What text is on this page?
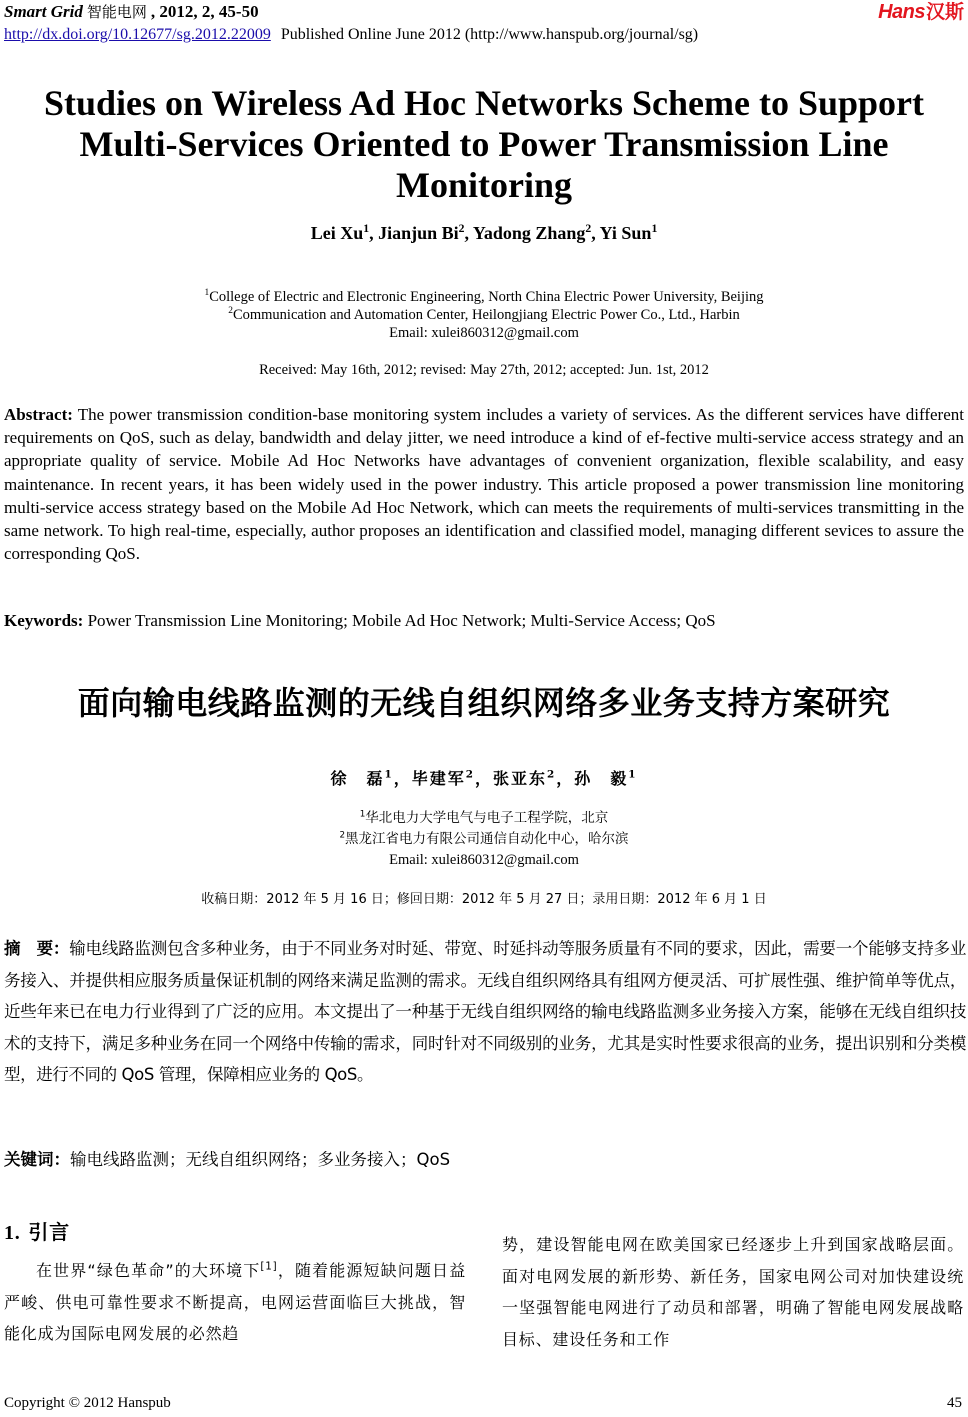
Smart Grid 智能电网 , 2012, 2, 45-50
http://dx.doi.org/10.12677/sg.2012.22009 Published Online June 2012 (http://www.hanspub.org/journal/sg)
Hans汉斯
Studies on Wireless Ad Hoc Networks Scheme to Support Multi-Services Oriented to Power Transmission Line Monitoring
Lei Xu$^1$, Jianjun Bi$^2$, Yadong Zhang$^2$, Yi Sun$^1$
$^1$College of Electric and Electronic Engineering, North China Electric Power University, Beijing
$^2$Communication and Automation Center, Heilongjiang Electric Power Co., Ltd., Harbin
Email: xulei860312@gmail.com
Received: May 16th, 2012; revised: May 27th, 2012; accepted: Jun. 1st, 2012
Abstract: The power transmission condition-base monitoring system includes a variety of services. As the different services have different requirements on QoS, such as delay, bandwidth and delay jitter, we need introduce a kind of ef-fective multi-service access strategy and an appropriate quality of service. Mobile Ad Hoc Networks have advantages of convenient organization, flexible scalability, and easy maintenance. In recent years, it has been widely used in the power industry. This article proposed a power transmission line monitoring multi-service access strategy based on the Mobile Ad Hoc Network, which can meets the requirements of multi-services transmitting in the same network. To high real-time, especially, author proposes an identification and classified model, managing different sevices to assure the corresponding QoS.
Keywords: Power Transmission Line Monitoring; Mobile Ad Hoc Network; Multi-Service Access; QoS
面向输电线路监测的无线自组织网络多业务支持方案研究
徐　磊$^1$，毕建军$^2$，张亚东$^2$，孙　毅$^1$
$^1$华北电力大学电气与电子工程学院，北京
$^2$黑龙江省电力有限公司通信自动化中心，哈尔滨
Email: xulei860312@gmail.com
收稿日期：2012 年 5 月 16 日；修回日期：2012 年 5 月 27 日；录用日期：2012 年 6 月 1 日
摘　要：输电线路监测包含多种业务，由于不同业务对时延、带宽、时延抖动等服务质量有不同的要求，因此，需要一个能够支持多业务接入、并提供相应服务质量保证机制的网络来满足监测的需求。无线自组织网络具有组网方便灵活、可扩展性强、维护简单等优点，近些年来已在电力行业得到了广泛的应用。本文提出了一种基于无线自组织网络的输电线路监测多业务接入方案，能够在无线自组织技术的支持下，满足多种业务在同一个网络中传输的需求，同时针对不同级别的业务，尤其是实时性要求很高的业务，提出识别和分类模型，进行不同的 QoS 管理，保障相应业务的 QoS。
关键词：输电线路监测；无线自组织网络；多业务接入；QoS
1. 引言
在世界“绿色革命”的大环境下[1]，随着能源短缺问题日益严峻、供电可靠性要求不断提高，电网运营面临巨大挑战，智能化成为国际电网发展的必然趋
势，建设智能电网在欧美国家已经逐步上升到国家战略层面。面对电网发展的新形势、新任务，国家电网公司对加快建设统一坚强智能电网进行了动员和部署，明确了智能电网发展战略目标、建设任务和工作
Copyright © 2012 Hanspub	45
